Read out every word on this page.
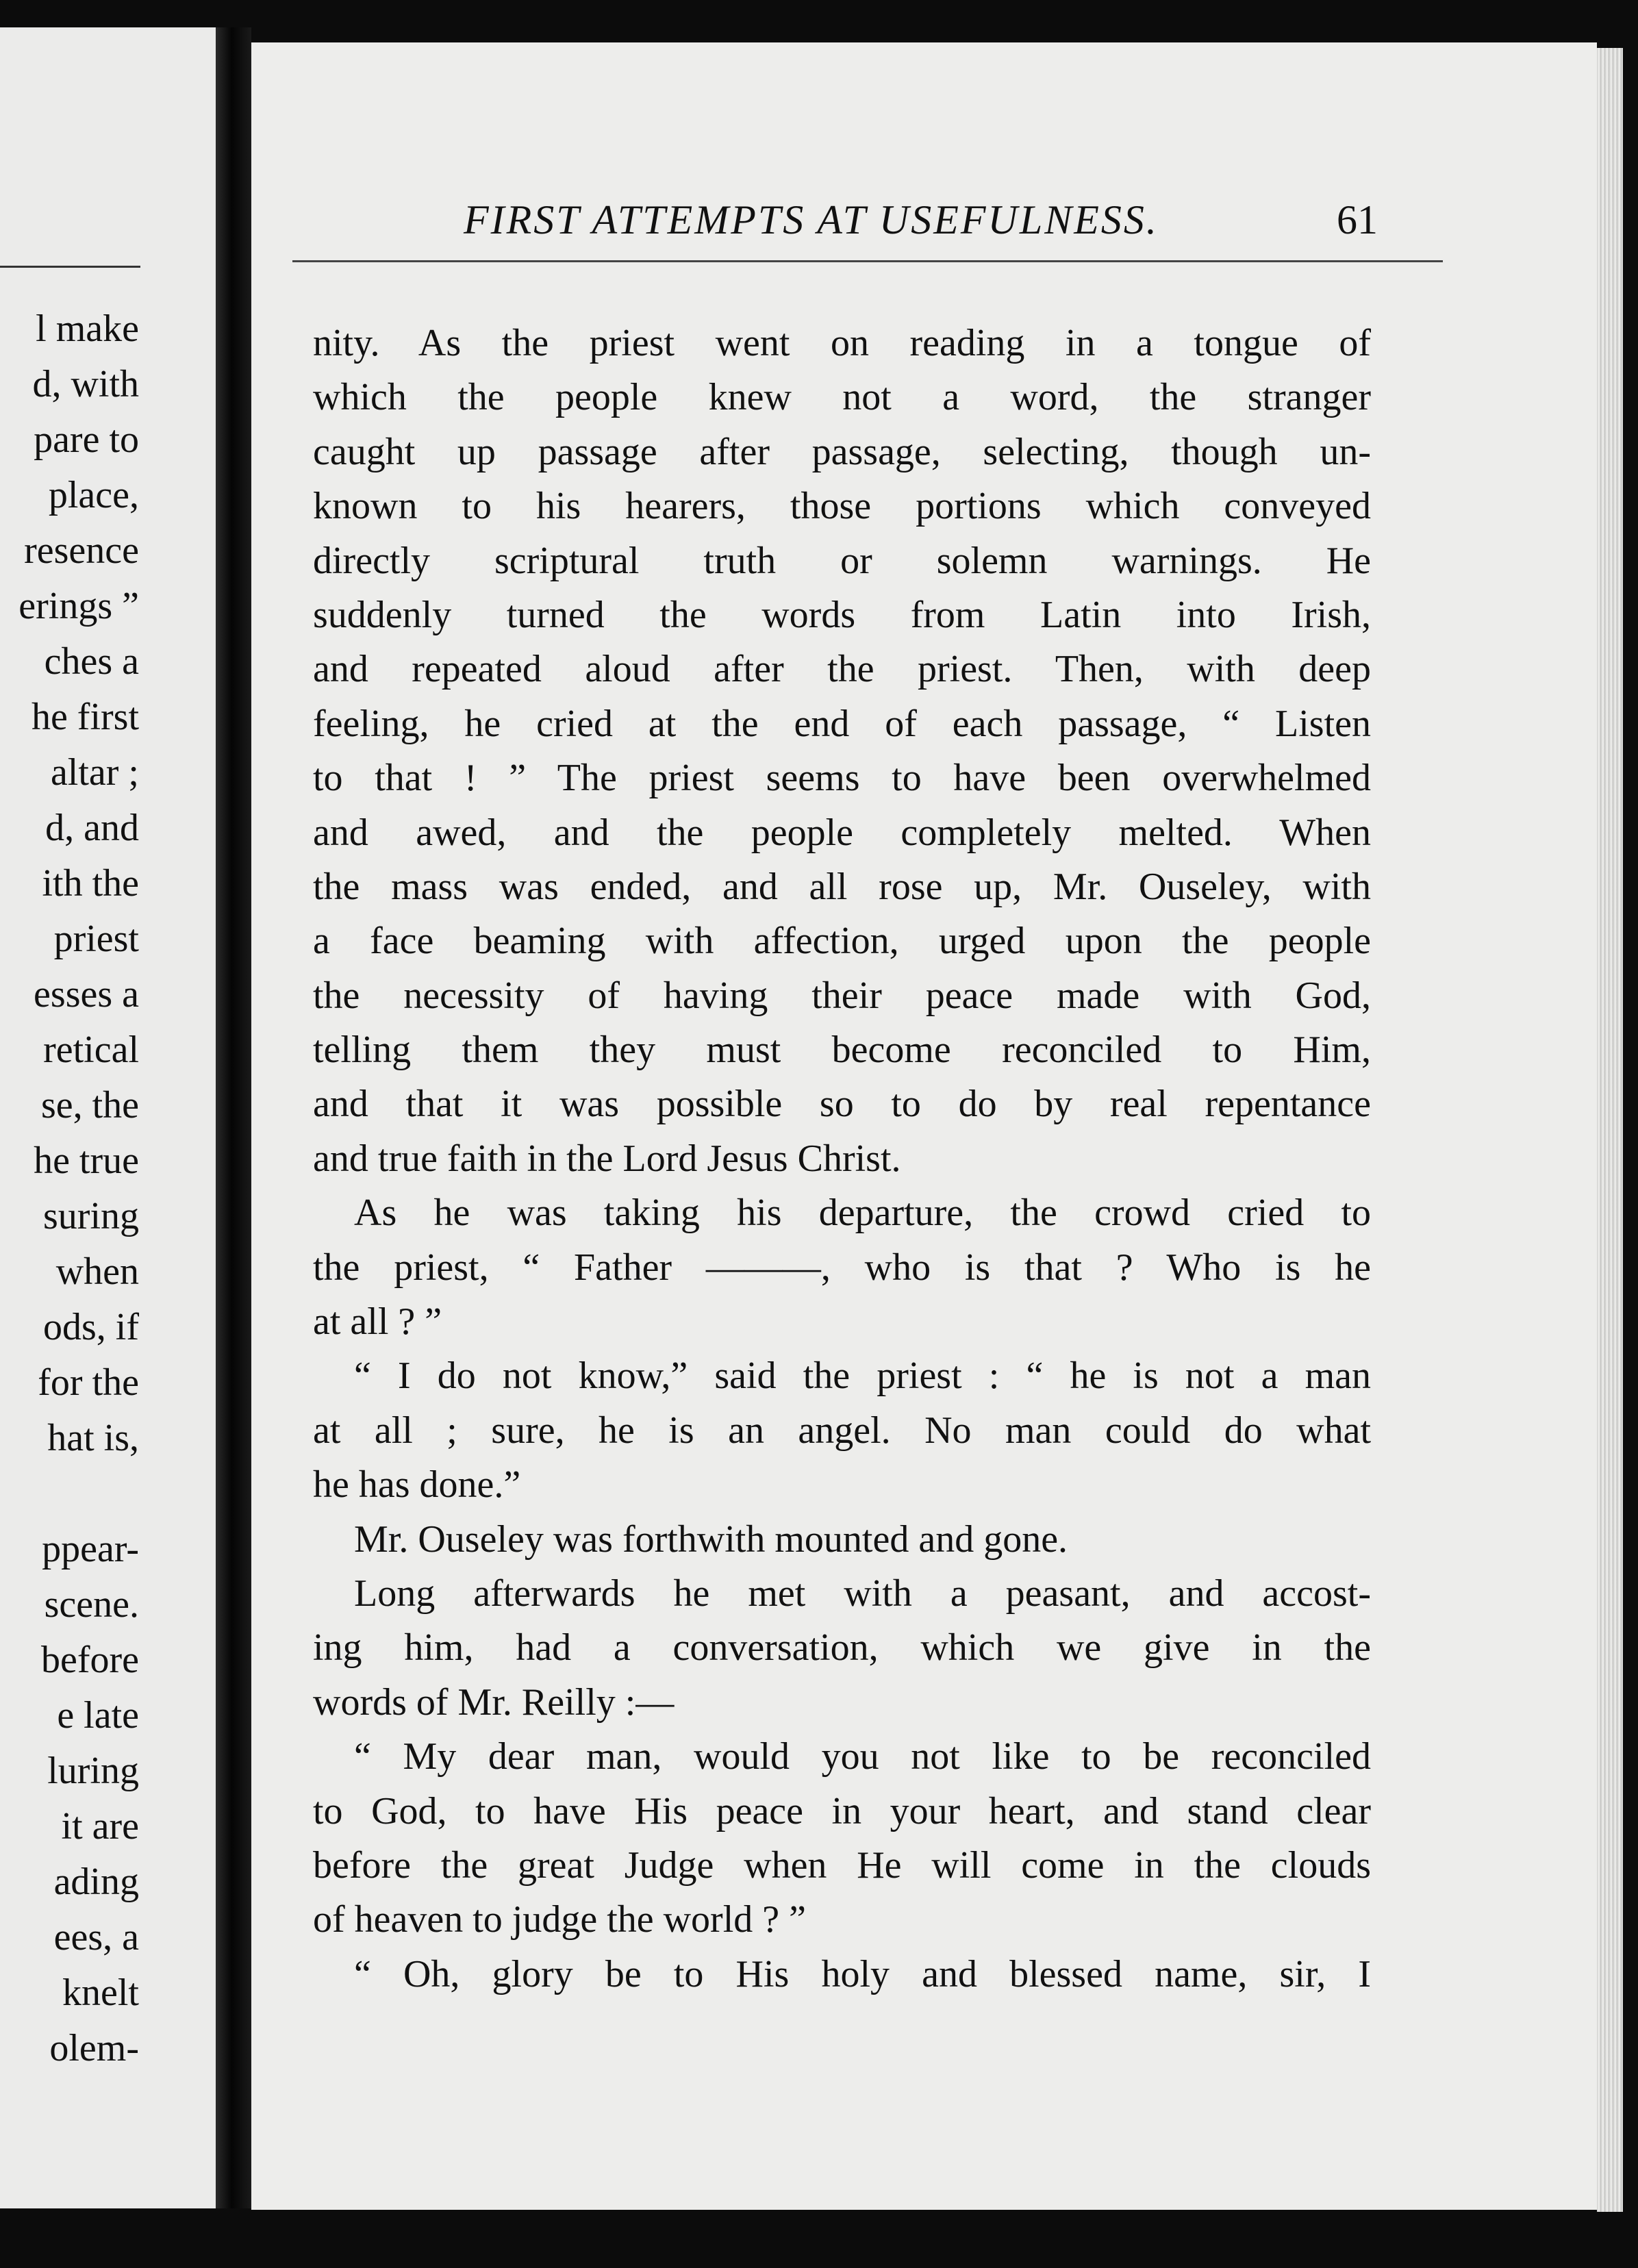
l make
d, with
pare to
place,
resence
erings ”
ches a
he first
altar ;
d, and
ith the
priest
esses a
retical
se, the
he true
suring
when
ods, if
for the
hat is,
ppear-
scene.
before
e late
luring
it are
ading
ees, a
knelt
olem-
FIRST ATTEMPTS AT USEFULNESS.	61
nity. As the priest went on reading in a tongue of
which the people knew not a word, the stranger
caught up passage after passage, selecting, though un-
known to his hearers, those portions which conveyed
directly scriptural truth or solemn warnings. He
suddenly turned the words from Latin into Irish,
and repeated aloud after the priest. Then, with deep
feeling, he cried at the end of each passage, “ Listen
to that ! ” The priest seems to have been overwhelmed
and awed, and the people completely melted. When
the mass was ended, and all rose up, Mr. Ouseley, with
a face beaming with affection, urged upon the people
the necessity of having their peace made with God,
telling them they must become reconciled to Him,
and that it was possible so to do by real repentance
and true faith in the Lord Jesus Christ.
As he was taking his departure, the crowd cried to
the priest, “ Father ———, who is that ? Who is he
at all ? ”
“ I do not know,” said the priest : “ he is not a man
at all ; sure, he is an angel. No man could do what
he has done.”
Mr. Ouseley was forthwith mounted and gone.
Long afterwards he met with a peasant, and accost-
ing him, had a conversation, which we give in the
words of Mr. Reilly :—
“ My dear man, would you not like to be reconciled
to God, to have His peace in your heart, and stand clear
before the great Judge when He will come in the clouds
of heaven to judge the world ? ”
“ Oh, glory be to His holy and blessed name, sir, I
